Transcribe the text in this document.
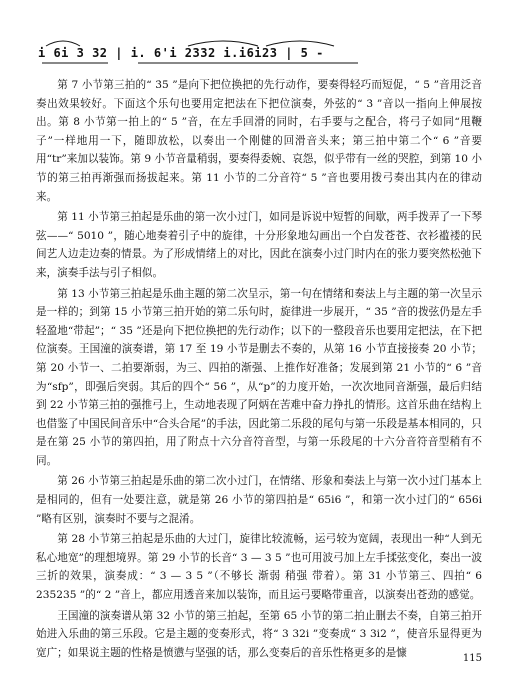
i 6i 3 32 | i. 6'i 2332 i.i6i23 | 5 -

第 7 小节第三拍的“ 3̇5̇ ”是向下把位换把的先行动作，要奏得轻巧而短促，“ 5̇ ”音用泛音奏出效果较好。下面这个乐句也要用定把法在下把位演奏，外弦的“ 3̇ ”音以一指向上伸展按出。第 8 小节第一拍上的“ 5̇ ”音，在左手回滑的同时，右手要与之配合，将弓子如同“甩鞭子”一样地用一下，随即放松，以奏出一个刚健的回滑音头来；第三拍中第二个“ 6̇ ”音要用“tr”来加以装饰。第 9 小节音量稍弱，要奏得委婉、哀怨，似乎带有一丝的哭腔，到第 10 小节的第三拍再渐强而扬拔起来。第 11 小节的二分音符“ 5̇ ”音也要用拨弓奏出其内在的律动来。

第 11 小节第三拍起是乐曲的第一次小过门，如同是诉说中短暂的间歇，两手拨弄了一下琴弦——“ 5010 ”，随心地奏着引子中的旋律，十分形象地勾画出一个白发苍苍、衣衫褴褛的民间艺人边走边奏的情景。为了形成情绪上的对比，因此在演奏小过门时内在的张力要突然松弛下来，演奏手法与引子相似。

第 13 小节第三拍起是乐曲主题的第二次呈示，第一句在情绪和奏法上与主题的第一次呈示是一样的；到第 15 小节第三拍开始的第二乐句时，旋律进一步展开，“ 3̇5̇ ”音的拨弦仍是左手轻盈地“带起”；“ 3̇5̇ ”还是向下把位换把的先行动作；以下的一整段音乐也要用定把法，在下把位演奏。王国潼的演奏谱，第 17 至 19 小节是删去不奏的，从第 16 小节直接接奏 20 小节；第 20 小节一、二拍要渐弱，为三、四拍的渐强、上推作好准备；发展到第 21 小节的“ 6̇ ”音为“sfp”，即强后突弱。其后的四个“ 5̇6̇ ”，从“p”的力度开始，一次次地同音渐强，最后归结到 22 小节第三拍的强推弓上，生动地表现了阿炳在苦难中奋力挣扎的情形。这首乐曲在结构上也借鉴了中国民间音乐中“合头合尾”的手法，因此第二乐段的尾句与第一乐段是基本相同的，只是在第 25 小节的第四拍，用了附点十六分音符音型，与第一乐段尾的十六分音符音型稍有不同。

第 26 小节第三拍起是乐曲的第二次小过门，在情绪、形象和奏法上与第一次小过门基本上是相同的，但有一处要注意，就是第 26 小节的第四拍是“ 65i6 ”，和第一次小过门的“ 656i ”略有区别，演奏时不要与之混淆。

第 28 小节第三拍起是乐曲的大过门，旋律比较流畅，运弓较为宽阔，表现出一种“人到无私心地宽”的理想境界。第 29 小节的长音“ 3 — 3 5 ”也可用波弓加上左手揉弦变化，奏出一波三折的效果，演奏成：“ 3 — 3 5 ”（不够长 渐弱 稍强 带着）。第 31 小节第三、四拍“ 6 235235 ”的“ 2 ”音上，都应用透音来加以装饰，而且运弓要略带重音，以演奏出苍劲的感觉。

王国潼的演奏谱从第 32 小节的第三拍起，至第 65 小节的第二拍止删去不奏，自第三拍开始进入乐曲的第三乐段。它是主题的变奏形式，将“ 3 32i ”变奏成“ 3 3i2 ”，使音乐显得更为宽广；如果说主题的性格是愤懑与坚强的话，那么变奏后的音乐性格更多的是慷	115
